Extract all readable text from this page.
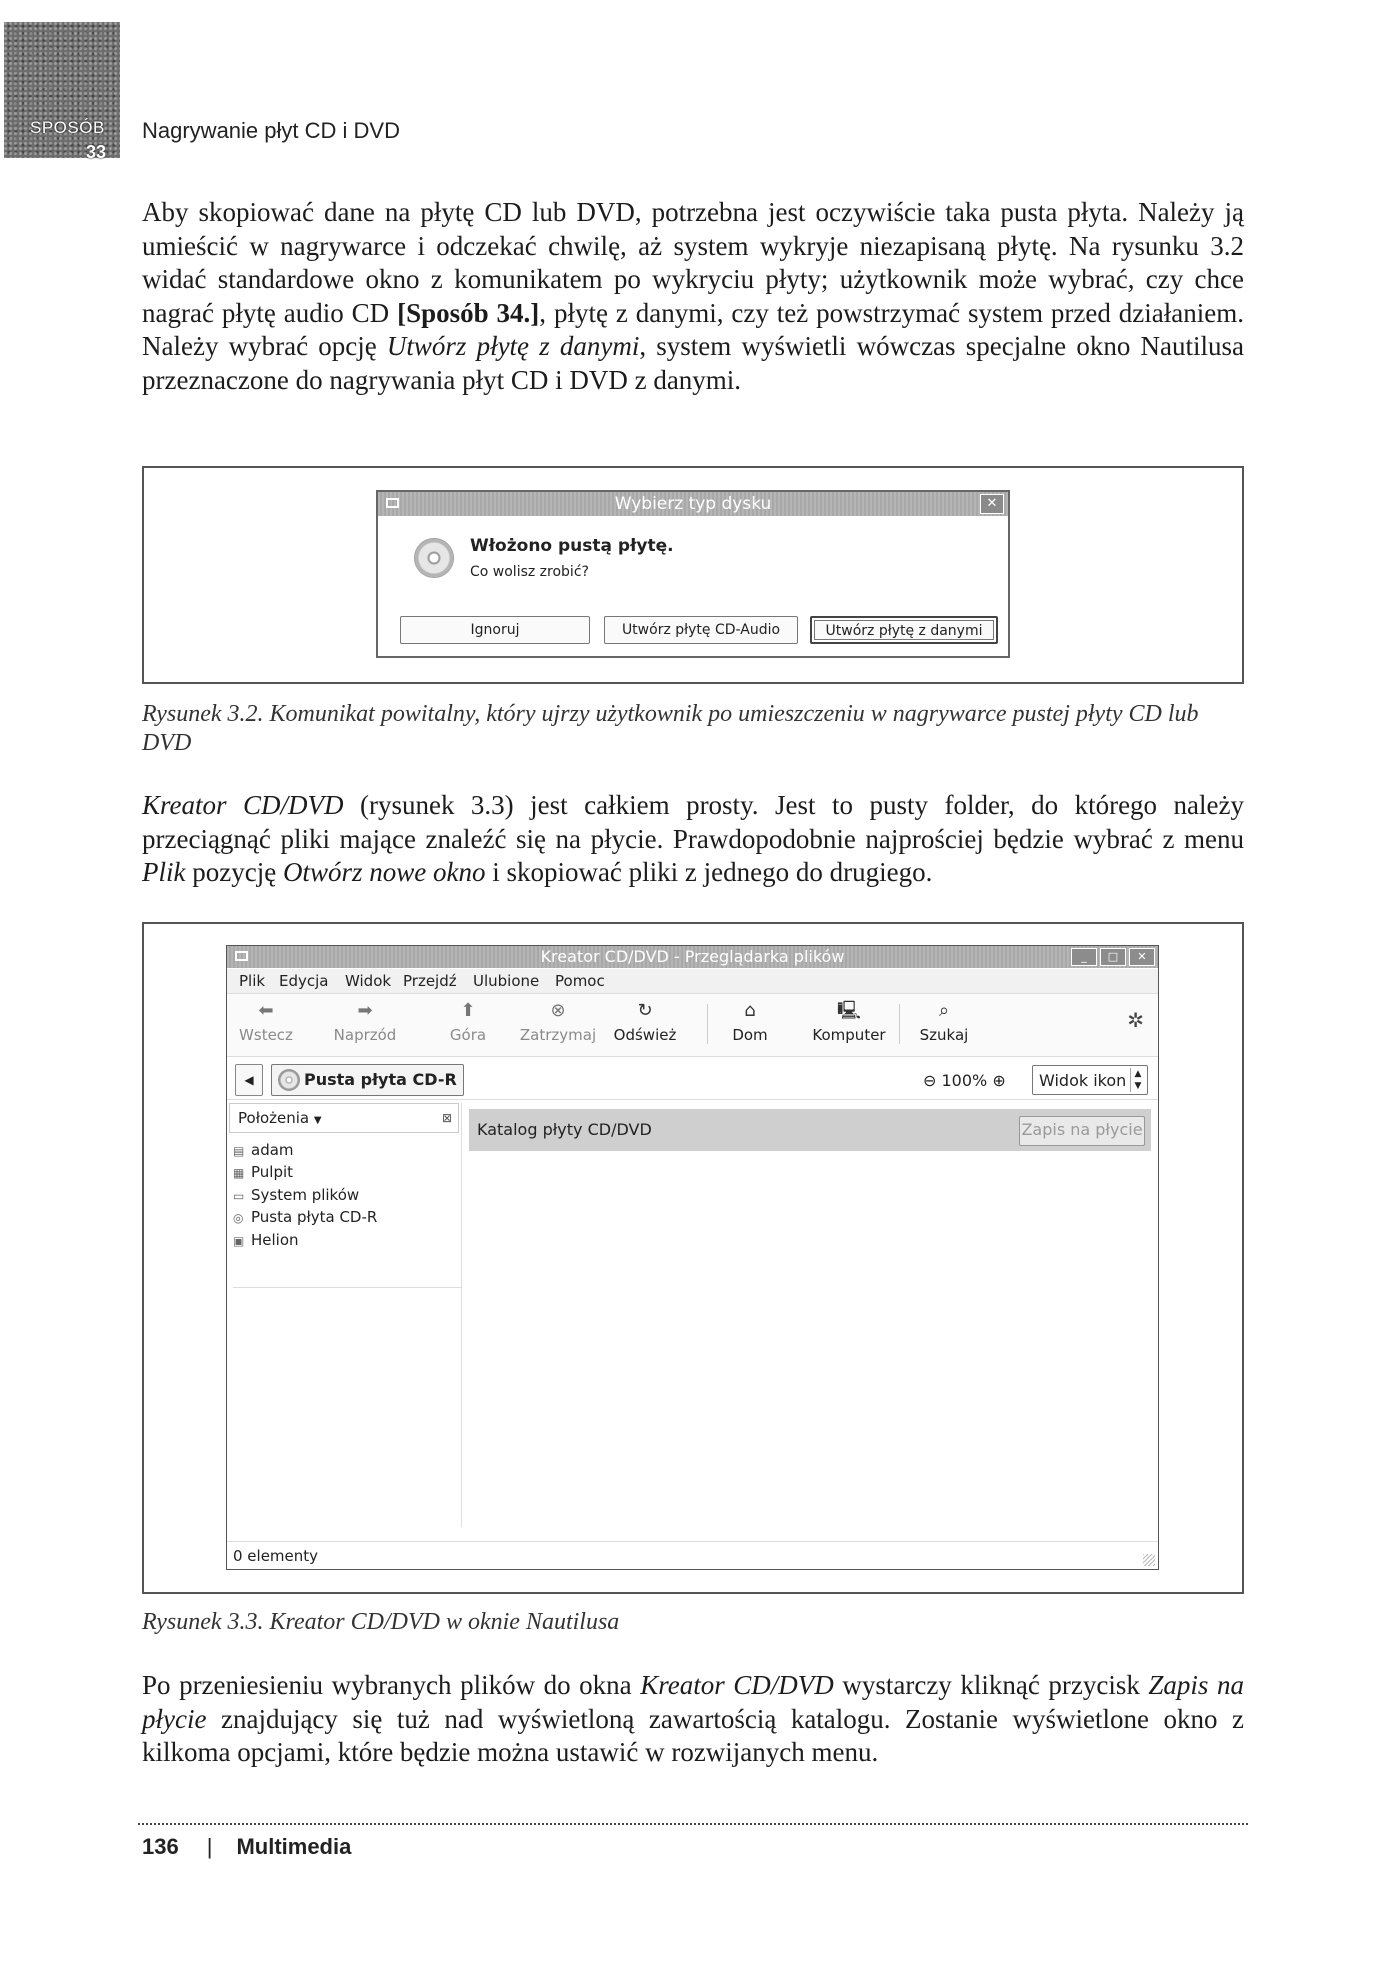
SPOSÓB
33
Nagrywanie płyt CD i DVD

Aby skopiować dane na płytę CD lub DVD, potrzebna jest oczywiście taka pusta płyta. Należy ją umieścić w nagrywarce i odczekać chwilę, aż system wykryje niezapisaną płytę. Na rysunku 3.2 widać standardowe okno z komunikatem po wykryciu płyty; użytkownik może wybrać, czy chce nagrać płytę audio CD [Sposób 34.], płytę z danymi, czy też powstrzymać system przed działaniem. Należy wybrać opcję Utwórz płytę z danymi, system wyświetli wówczas specjalne okno Nautilusa przeznaczone do nagrywania płyt CD i DVD z danymi.

Wybierz typ dysku	✕
Włożono pustą płytę.
Co wolisz zrobić?
Ignoruj	Utwórz płytę CD-Audio	Utwórz płytę z danymi

Rysunek 3.2. Komunikat powitalny, który ujrzy użytkownik po umieszczeniu w nagrywarce pustej płyty CD lub DVD

Kreator CD/DVD (rysunek 3.3) jest całkiem prosty. Jest to pusty folder, do którego należy przeciągnąć pliki mające znaleźć się na płycie. Prawdopodobnie najprościej będzie wybrać z menu Plik pozycję Otwórz nowe okno i skopiować pliki z jednego do drugiego.

Kreator CD/DVD - Przeglądarka plików	_	□	✕
Plik Edycja Widok Przejdź Ulubione Pomoc
⬅
Wstecz
➡
Naprzód
⬆
Góra
⊗
Zatrzymaj
↻
Odśwież
⌂
Dom
🖳
Komputer
⌕
Szukaj
✲
◀	Pusta płyta CD-R	⊖ 100% ⊕	Widok ikon ▲
▼
Położenia ▼	⊠
▤ adam
▦ Pulpit
▭ System plików
◎ Pusta płyta CD-R
▣ Helion
Katalog płyty CD/DVD	Zapis na płycie
0 elementy

Rysunek 3.3. Kreator CD/DVD w oknie Nautilusa

Po przeniesieniu wybranych plików do okna Kreator CD/DVD wystarczy kliknąć przycisk Zapis na płycie znajdujący się tuż nad wyświetloną zawartością katalogu. Zostanie wyświetlone okno z kilkoma opcjami, które będzie można ustawić w rozwijanych menu.

136 | Multimedia
